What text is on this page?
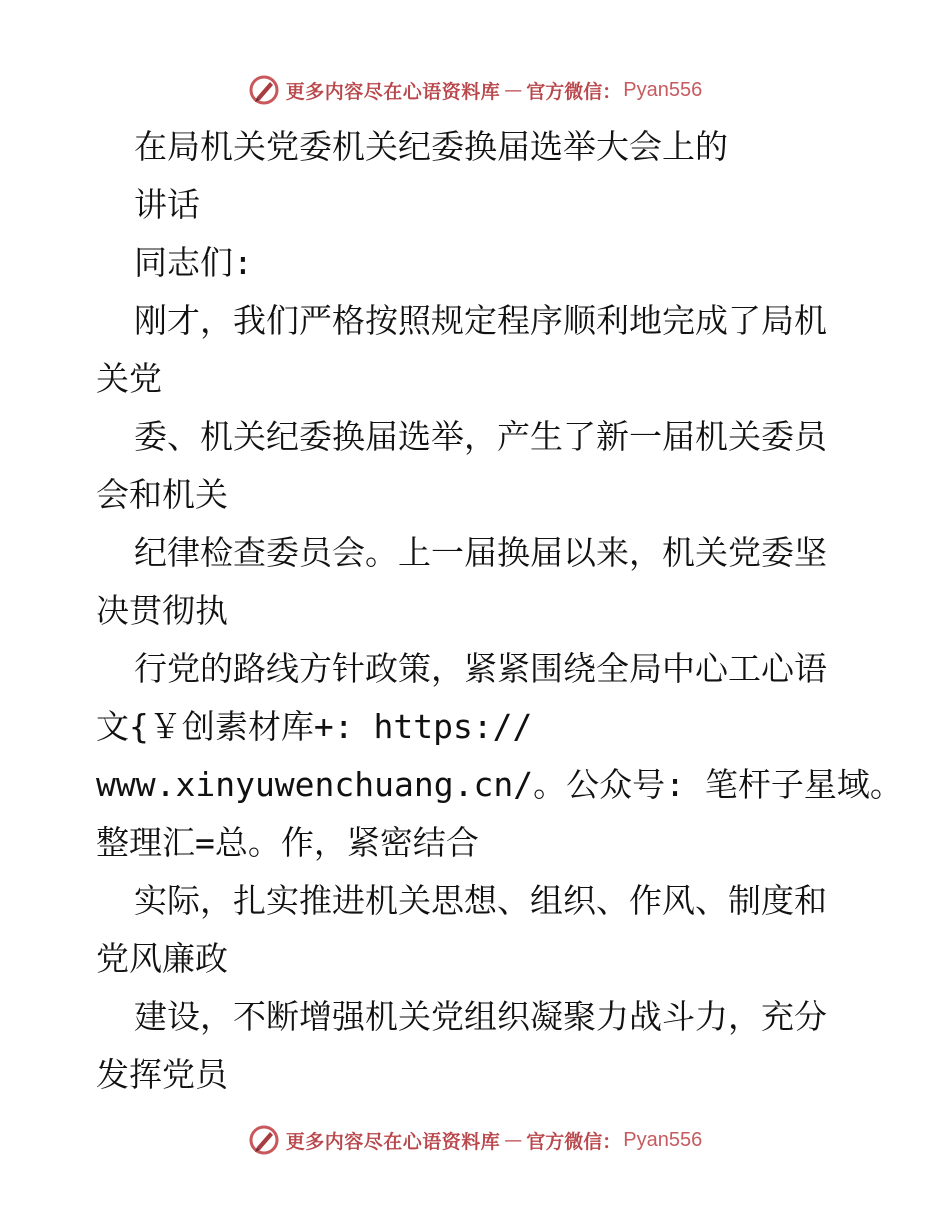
更多内容尽在心语资料库 — 官方微信： Pyan556
在局机关党委机关纪委换届选举大会上的
讲话
同志们:
刚才，我们严格按照规定程序顺利地完成了局机
关党
委、机关纪委换届选举，产生了新一届机关委员
会和机关
纪律检查委员会。上一届换届以来，机关党委坚
决贯彻执
行党的路线方针政策，紧紧围绕全局中心工心语
文{￥创素材库+: https://
www.xinyuwenchuang.cn/。公众号: 笔杆子星域。
整理汇=总。作，紧密结合
实际，扎实推进机关思想、组织、作风、制度和
党风廉政
建设，不断增强机关党组织凝聚力战斗力，充分
发挥党员
更多内容尽在心语资料库 — 官方微信： Pyan556
